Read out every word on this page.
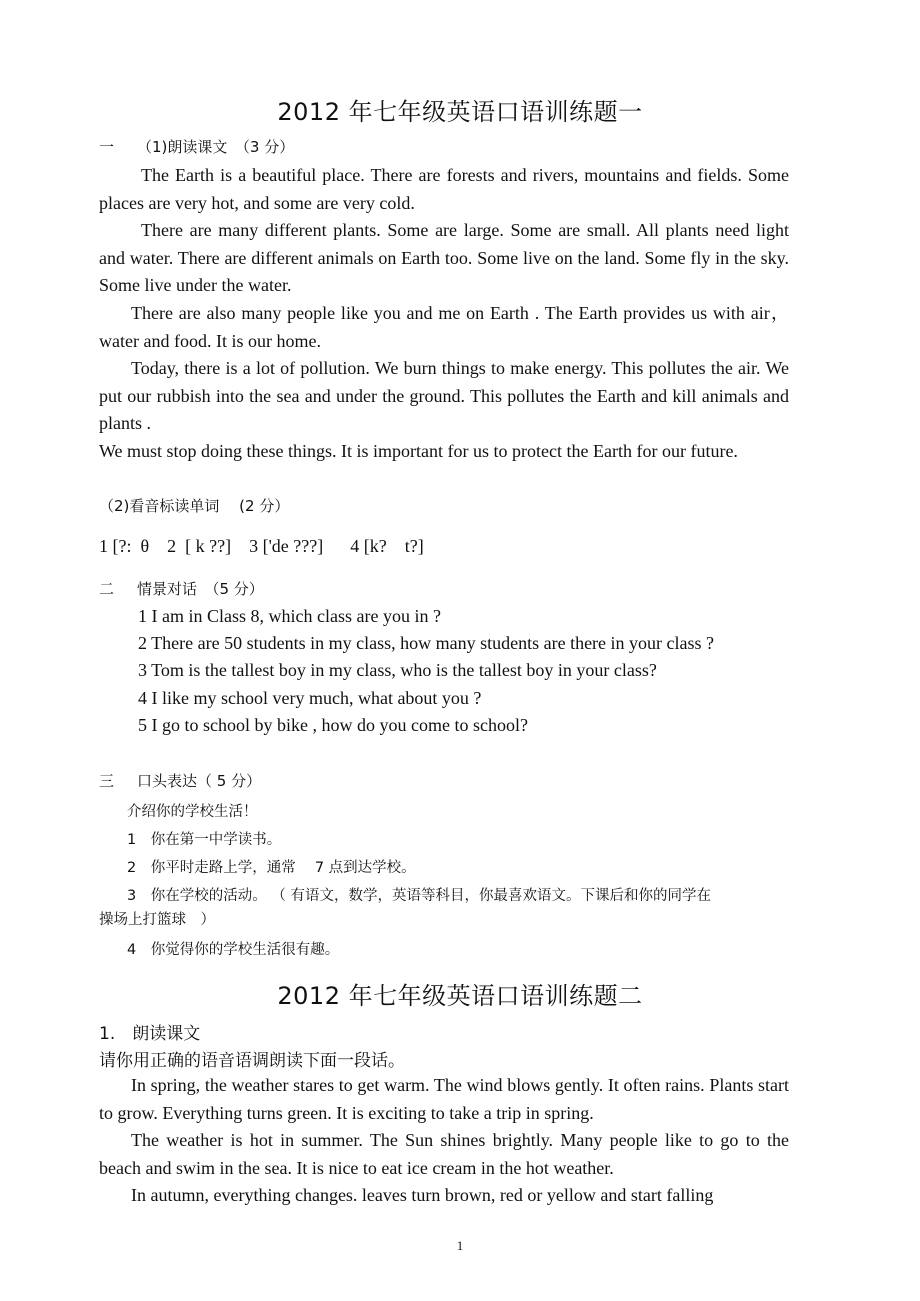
2012 年七年级英语口语训练题一
一 （1)朗读课文　（3 分）
The Earth is a beautiful place. There are forests and rivers, mountains and fields. Some places are very hot, and some are very cold.
There are many different plants. Some are large. Some are small. All plants need light and water. There are different animals on Earth too. Some live on the land. Some fly in the sky. Some live under the water.
There are also many people like you and me on Earth . The Earth provides us with air， water and food. It is our home.
Today, there is a lot of pollution. We burn things to make energy. This pollutes the air. We put our rubbish into the sea and under the ground. This pollutes the Earth and kill animals and plants .
We must stop doing these things. It is important for us to protect the Earth for our future.
（2)看音标读单词　 (2 分）
1 [?:  θ    2  [ k ??]    3 ['de ???]      4 [k?    t?]
二 情景对话　（5 分）
1 I am in Class 8, which class are you in ?
2 There are 50 students in my class, how many students are there in your class ?
3 Tom is the tallest boy in my class, who is the tallest boy in your class?
4 I like my school very much, what about you ?
5 I go to school by bike , how do you come to school?
三 口头表达（ 5 分）
介绍你的学校生活！
1　你在第一中学读书。
2　你平时走路上学，通常　 7 点到达学校。
3　你在学校的活动。 （ 有语文，数学，英语等科目，你最喜欢语文。下课后和你的同学在
操场上打篮球　）
4　你觉得你的学校生活很有趣。
2012 年七年级英语口语训练题二
1.　朗读课文
请你用正确的语音语调朗读下面一段话。
In spring, the weather stares to get warm. The wind blows gently. It often rains. Plants start to grow. Everything turns green. It is exciting to take a trip in spring.
The weather is hot in summer. The Sun shines brightly. Many people like to go to the beach and swim in the sea. It is nice to eat ice cream in the hot weather.
In autumn, everything changes. leaves turn brown, red or yellow and start falling
1
